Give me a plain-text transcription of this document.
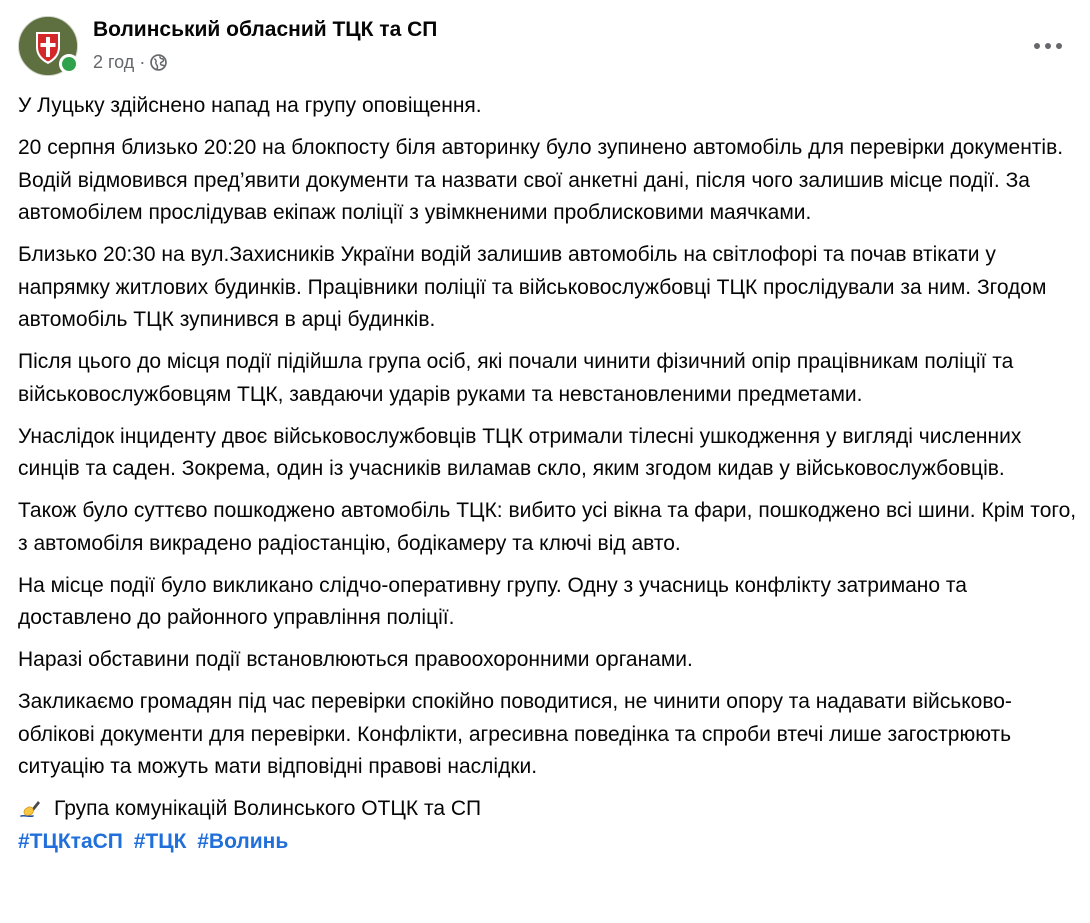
Волинський обласний ТЦК та СП
2 год ·

У Луцьку здійснено напад на групу оповіщення.

20 серпня близько 20:20 на блокпосту біля авторинку було зупинено автомобіль для перевірки документів. Водій відмовився пред’явити документи та назвати свої анкетні дані, після чого залишив місце події. За автомобілем прослідував екіпаж поліції з увімкненими проблисковими маячками.

Близько 20:30 на вул.Захисників України водій залишив автомобіль на світлофорі та почав втікати у напрямку житлових будинків. Працівники поліції та військовослужбовці ТЦК прослідували за ним. Згодом автомобіль ТЦК зупинився в арці будинків.

Після цього до місця події підійшла група осіб, які почали чинити фізичний опір працівникам поліції та військовослужбовцям ТЦК, завдаючи ударів руками та невстановленими предметами.

Унаслідок інциденту двоє військовослужбовців ТЦК отримали тілесні ушкодження у вигляді численних синців та саден. Зокрема, один із учасників виламав скло, яким згодом кидав у військовослужбовців.

Також було суттєво пошкоджено автомобіль ТЦК: вибито усі вікна та фари, пошкоджено всі шини. Крім того, з автомобіля викрадено радіостанцію, бодікамеру та ключі від авто.

На місце події було викликано слідчо-оперативну групу. Одну з учасниць конфлікту затримано та доставлено до районного управління поліції.

Наразі обставини події встановлюються правоохоронними органами.

Закликаємо громадян під час перевірки спокійно поводитися, не чинити опору та надавати військово-облікові документи для перевірки. Конфлікти, агресивна поведінка та спроби втечі лише загострюють ситуацію та можуть мати відповідні правові наслідки.

Група комунікацій Волинського ОТЦК та СП
#ТЦКтаСП #ТЦК #Волинь
